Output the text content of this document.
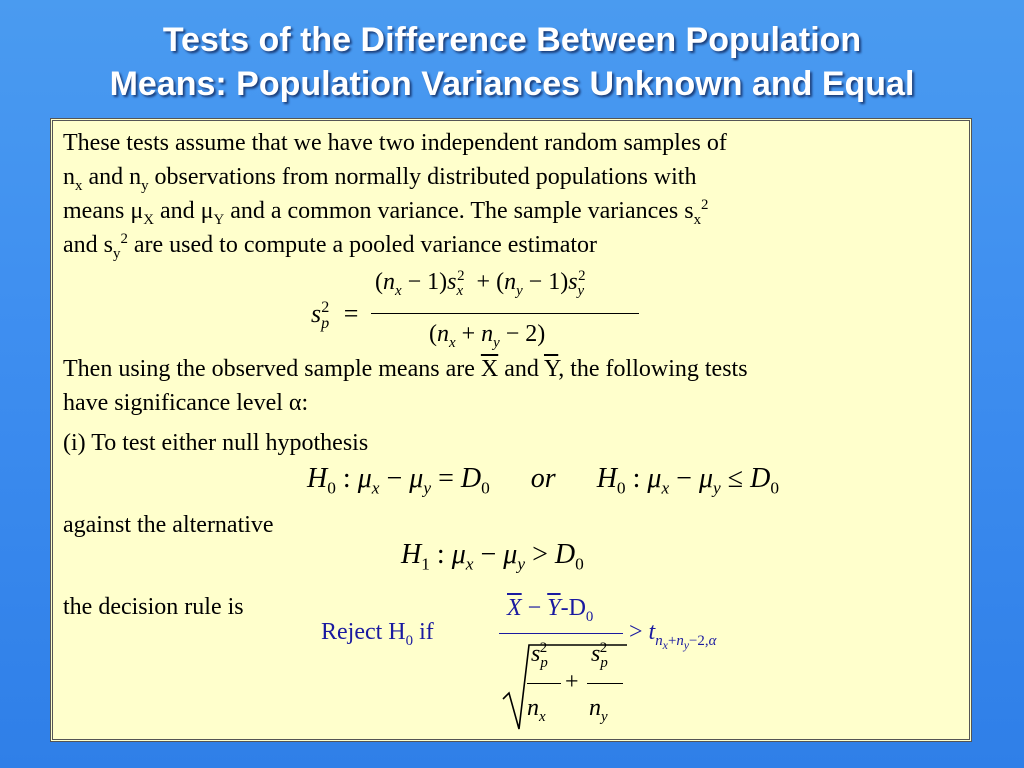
Tests of the Difference Between Population
Means: Population Variances Unknown and Equal
These tests assume that we have two independent random samples of
$n_x$ and $n_y$ observations from normally distributed populations with
means $\mu_X$ and $\mu_Y$ and a common variance. The sample variances $s_x^2$
and $s_y^2$ are used to compute a pooled variance estimator
$s_p^2$ =
$(n_x - 1)s_x^2 + (n_y - 1)s_y^2$
$(n_x + n_y - 2)$
Then using the observed sample means are $\overline{X}$ and $\overline{Y}$, the following tests
have significance level α:
(i) To test either null hypothesis
$H_0$ : $\mu_x - \mu_y = D_0$ or $H_0$ : $\mu_x - \mu_y \le D_0$
against the alternative
$H_1$ : $\mu_x - \mu_y > D_0$
the decision rule is
Reject $H_0$ if
$\overline{X} - \overline{Y}-D_0$
> $t_{n_x+n_y-2,\alpha}$
$s_p^2$
$n_x$
+
$s_p^2$
$n_y$
